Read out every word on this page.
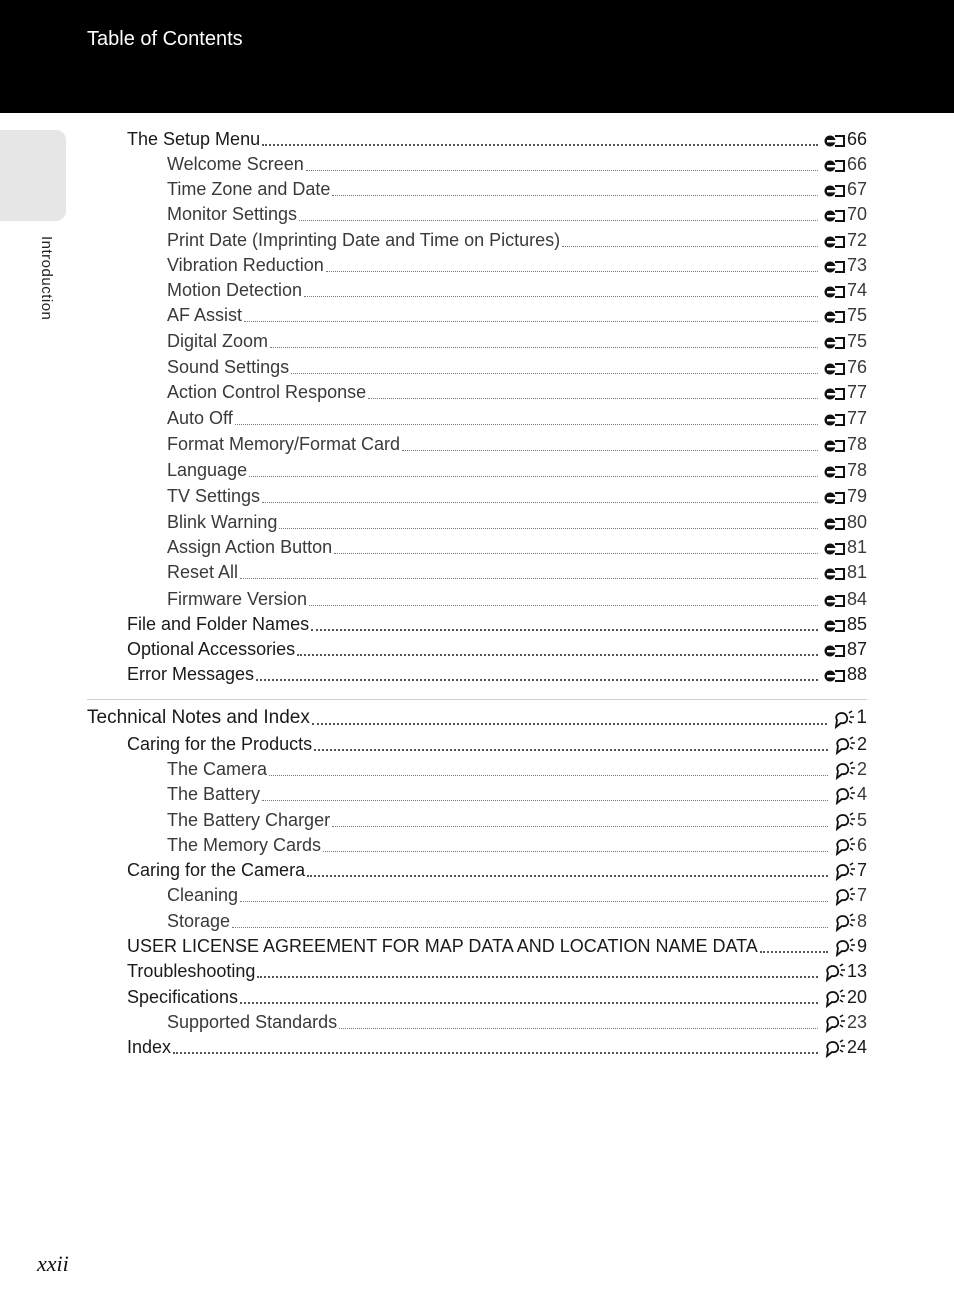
Table of Contents
Introduction
The Setup Menu	66
Welcome Screen	66
Time Zone and Date	67
Monitor Settings	70
Print Date (Imprinting Date and Time on Pictures)	72
Vibration Reduction	73
Motion Detection	74
AF Assist	75
Digital Zoom	75
Sound Settings	76
Action Control Response	77
Auto Off	77
Format Memory/Format Card	78
Language	78
TV Settings	79
Blink Warning	80
Assign Action Button	81
Reset All	81
Firmware Version	84
File and Folder Names	85
Optional Accessories	87
Error Messages	88
Technical Notes and Index	1
Caring for the Products	2
The Camera	2
The Battery	4
The Battery Charger	5
The Memory Cards	6
Caring for the Camera	7
Cleaning	7
Storage	8
USER LICENSE AGREEMENT FOR MAP DATA AND LOCATION NAME DATA	9
Troubleshooting	13
Specifications	20
Supported Standards	23
Index	24
xxii
